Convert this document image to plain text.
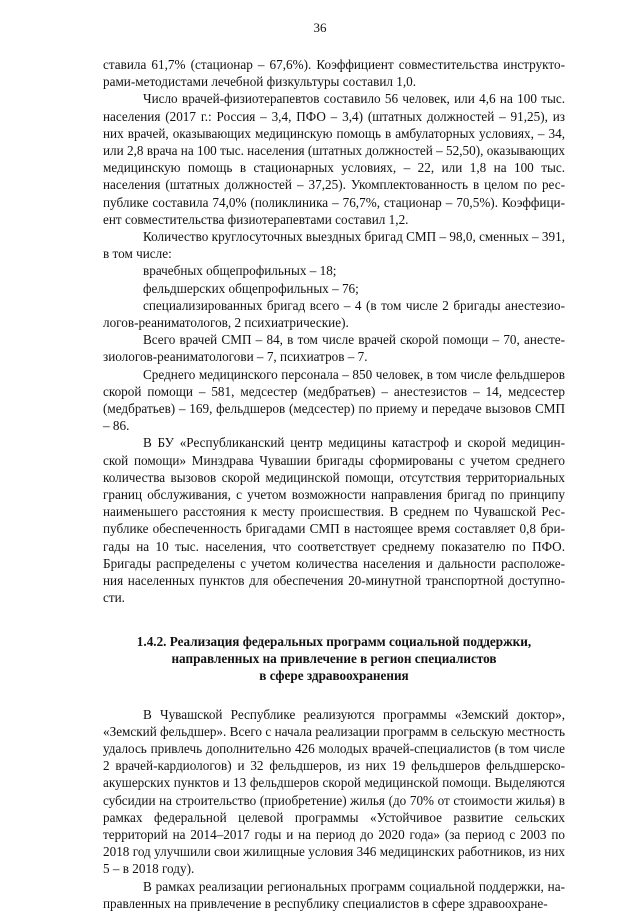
36

ставила 61,7% (стационар – 67,6%). Коэффициент совместительства инструкторами-методистами лечебной физкультуры составил 1,0.

Число врачей-физиотерапевтов составило 56 человек, или 4,6 на 100 тыс. населения (2017 г.: Россия – 3,4, ПФО – 3,4) (штатных должностей – 91,25), из них врачей, оказывающих медицинскую помощь в амбулаторных условиях, – 34, или 2,8 врача на 100 тыс. населения (штатных должностей – 52,50), оказывающих медицинскую помощь в стационарных условиях, – 22, или 1,8 на 100 тыс. населения (штатных должностей – 37,25). Укомплектованность в целом по республике составила 74,0% (поликлиника – 76,7%, стационар – 70,5%). Коэффициент совместительства физиотерапевтами составил 1,2.

Количество круглосуточных выездных бригад СМП – 98,0, сменных – 391, в том числе:

врачебных общепрофильных – 18;

фельдшерских общепрофильных – 76;

специализированных бригад всего – 4 (в том числе 2 бригады анестезиологов-реаниматологов, 2 психиатрические).

Всего врачей СМП – 84, в том числе врачей скорой помощи – 70, анестезиологов-реаниматологови – 7, психиатров – 7.

Среднего медицинского персонала – 850 человек, в том числе фельдшеров скорой помощи – 581, медсестер (медбратьев) – анестезистов – 14, медсестер (медбратьев) – 169, фельдшеров (медсестер) по приему и передаче вызовов СМП – 86.

В БУ «Республиканский центр медицины катастроф и скорой медицинской помощи» Минздрава Чувашии бригады сформированы с учетом среднего количества вызовов скорой медицинской помощи, отсутствия территориальных границ обслуживания, с учетом возможности направления бригад по принципу наименьшего расстояния к месту происшествия. В среднем по Чувашской Республике обеспеченность бригадами СМП в настоящее время составляет 0,8 бригады на 10 тыс. населения, что соответствует среднему показателю по ПФО. Бригады распределены с учетом количества населения и дальности расположения населенных пунктов для обеспечения 20-минутной транспортной доступности.

1.4.2. Реализация федеральных программ социальной поддержки,
направленных на привлечение в регион специалистов
в сфере здравоохранения

В Чувашской Республике реализуются программы «Земский доктор», «Земский фельдшер». Всего с начала реализации программ в сельскую местность удалось привлечь дополнительно 426 молодых врачей-специалистов (в том числе 2 врачей-кардиологов) и 32 фельдшеров, из них 19 фельдшеров фельдшерско-акушерских пунктов и 13 фельдшеров скорой медицинской помощи. Выделяются субсидии на строительство (приобретение) жилья (до 70% от стоимости жилья) в рамках федеральной целевой программы «Устойчивое развитие сельских территорий на 2014–2017 годы и на период до 2020 года» (за период с 2003 по 2018 год улучшили свои жилищные условия 346 медицинских работников, из них 5 – в 2018 году).

В рамках реализации региональных программ социальной поддержки, направленных на привлечение в республику специалистов в сфере здравоохране-
